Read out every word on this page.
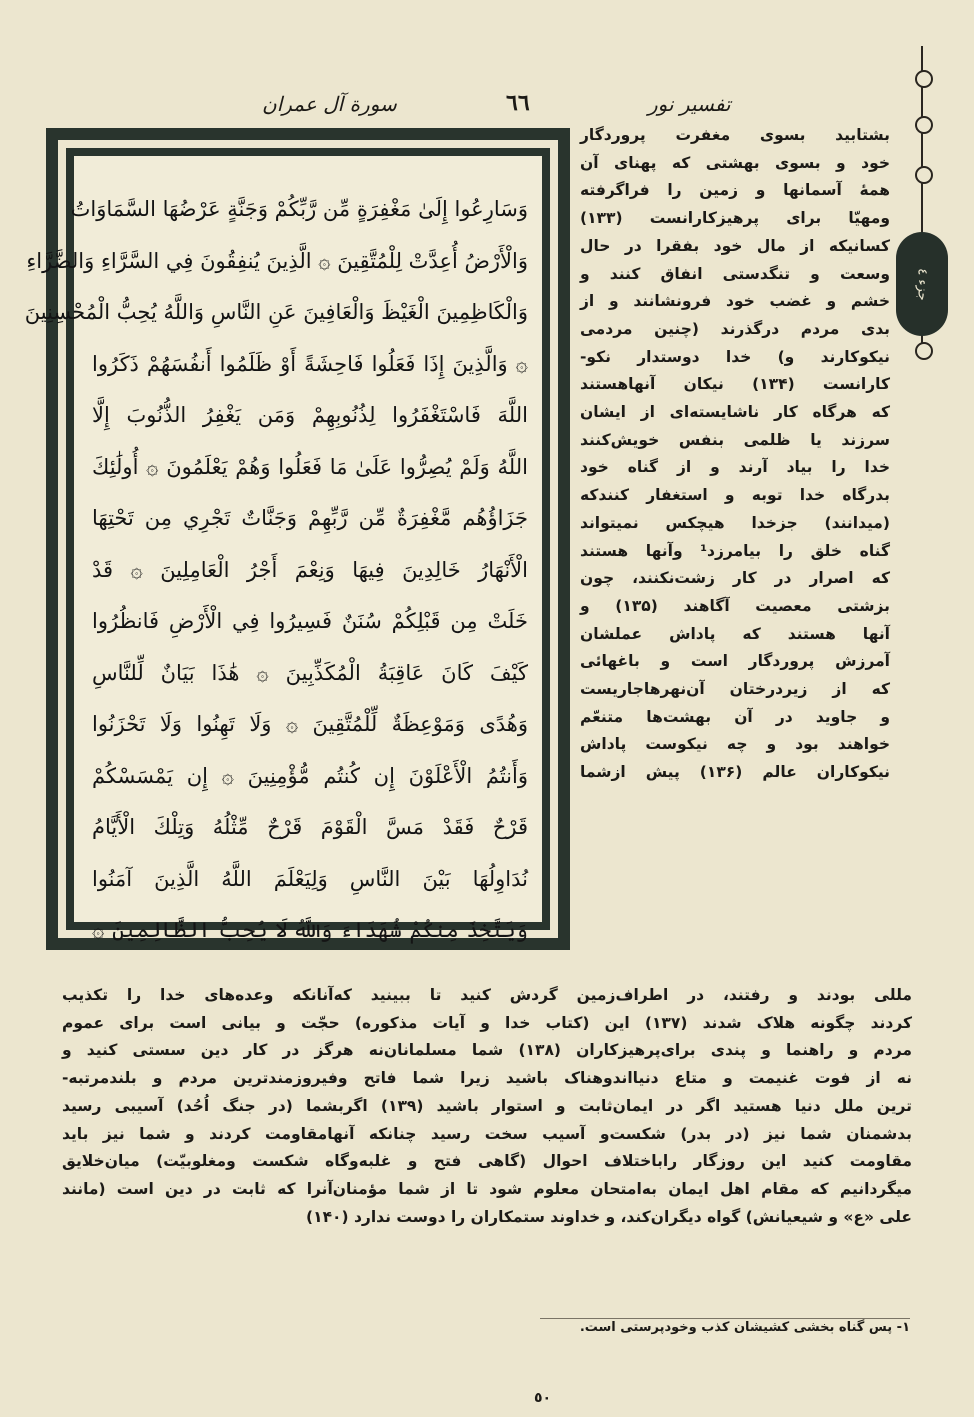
سورة آل عمران	٦٦	تفسير نور
جزء ٤

وَسَارِعُوا إِلَىٰ مَغْفِرَةٍ مِّن رَّبِّكُمْ وَجَنَّةٍ عَرْضُهَا السَّمَاوَاتُ

وَالْأَرْضُ أُعِدَّتْ لِلْمُتَّقِينَ ۞ الَّذِينَ يُنفِقُونَ فِي السَّرَّاءِ وَالضَّرَّاءِ

وَالْكَاظِمِينَ الْغَيْظَ وَالْعَافِينَ عَنِ النَّاسِ وَاللَّهُ يُحِبُّ الْمُحْسِنِينَ

۞ وَالَّذِينَ إِذَا فَعَلُوا فَاحِشَةً أَوْ ظَلَمُوا أَنفُسَهُمْ ذَكَرُوا

اللَّهَ فَاسْتَغْفَرُوا لِذُنُوبِهِمْ وَمَن يَغْفِرُ الذُّنُوبَ إِلَّا

اللَّهُ وَلَمْ يُصِرُّوا عَلَىٰ مَا فَعَلُوا وَهُمْ يَعْلَمُونَ ۞ أُولَٰئِكَ

جَزَاؤُهُم مَّغْفِرَةٌ مِّن رَّبِّهِمْ وَجَنَّاتٌ تَجْرِي مِن تَحْتِهَا

الْأَنْهَارُ خَالِدِينَ فِيهَا وَنِعْمَ أَجْرُ الْعَامِلِينَ ۞ قَدْ

خَلَتْ مِن قَبْلِكُمْ سُنَنٌ فَسِيرُوا فِي الْأَرْضِ فَانظُرُوا

كَيْفَ كَانَ عَاقِبَةُ الْمُكَذِّبِينَ ۞ هَٰذَا بَيَانٌ لِّلنَّاسِ

وَهُدًى وَمَوْعِظَةٌ لِّلْمُتَّقِينَ ۞ وَلَا تَهِنُوا وَلَا تَحْزَنُوا

وَأَنتُمُ الْأَعْلَوْنَ إِن كُنتُم مُّؤْمِنِينَ ۞ إِن يَمْسَسْكُمْ

قَرْحٌ فَقَدْ مَسَّ الْقَوْمَ قَرْحٌ مِّثْلُهُ وَتِلْكَ الْأَيَّامُ

نُدَاوِلُهَا بَيْنَ النَّاسِ وَلِيَعْلَمَ اللَّهُ الَّذِينَ آمَنُوا

وَيَتَّخِذَ مِنكُمْ شُهَدَاءَ وَاللَّهُ لَا يُحِبُّ الظَّالِمِينَ ۞

بشتابید بسوی مغفرت پروردگار

خود و بسوی بهشتی که پهنای آن

همهٔ آسمانها و زمین را فراگرفته

ومهیّا برای پرهیزکارانست (۱۳۳)

کسانیکه از مال خود بفقرا در حال

وسعت و تنگدستی انفاق کنند و

خشم و غضب خود فرونشانند و از

بدی مردم درگذرند (چنین مردمی

نیکوکارند و) خدا دوستدار نکو-

کارانست (۱۳۴) نیکان آنهاهستند

که هرگاه کار ناشایسته‌ای از ایشان

سرزند یا ظلمی بنفس خویش‌کنند

خدا را بیاد آرند و از گناه خود

بدرگاه خدا توبه و استغفار کنندکه

(میدانند) جزخدا هیچکس نمیتواند

گناه خلق را بیامرزد¹ وآنها هستند

که اصرار در کار زشت‌نکنند، چون

بزشتی معصیت آگاهند (۱۳۵) و

آنها هستند که پاداش عملشان

آمرزش پروردگار است و باغهائی

که از زیردرختان آن‌نهرهاجاریست

و جاوید در آن بهشت‌ها متنعّم

خواهند بود و چه نیکوست پاداش

نیکوکاران عالم (۱۳۶) پیش ازشما

مللی بودند و رفتند، در اطراف‌زمین گردش کنید تا ببینید که‌آنانکه وعده‌های خدا را تکذیب

کردند چگونه هلاک شدند (۱۳۷) این (کتاب خدا و آیات مذکوره) حجّت و بیانی است برای عموم

مردم و راهنما و پندی برای‌پرهیزکاران (۱۳۸) شما مسلمانان‌نه هرگز در کار دین سستی کنید و

نه از فوت غنیمت و متاع دنیااندوهناک باشید زیرا شما فاتح وفیروزمندترین مردم و بلندمرتبه-

ترین ملل دنیا هستید اگر در ایمان‌ثابت و استوار باشید (۱۳۹) اگربشما (در جنگ اُحُد) آسیبی رسید

بدشمنان شما نیز (در بدر) شکست‌و آسیب سخت رسید چنانکه آنهامقاومت کردند و شما نیز باید

مقاومت کنید این روزگار راباختلاف احوال (گاهی فتح و غلبه‌وگاه شکست ومغلوبیّت) میان‌خلایق

میگردانیم که مقام اهل ایمان به‌امتحان معلوم شود تا از شما مؤمنان‌آنرا که ثابت در دین است (مانند

علی «ع» و شیعیانش) گواه دیگران‌کند، و خداوند ستمکاران را دوست ندارد (۱۴۰)

۱- پس گناه بخشی کشیشان کذب وخودپرستی است.
٥٠
